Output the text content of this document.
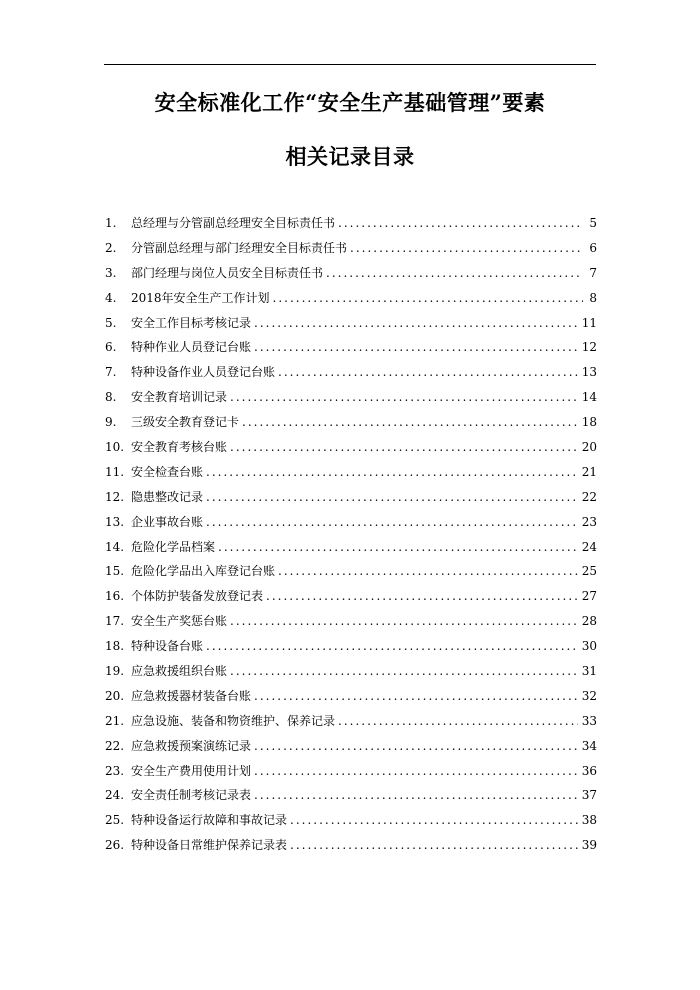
安全标准化工作“安全生产基础管理”要素
相关记录目录
1.	总经理与分管副总经理安全目标责任书 .....	5
2.	分管副总经理与部门经理安全目标责任书 .....	6
3.	部门经理与岗位人员安全目标责任书 .....	7
4.	2018年安全生产工作计划 .....	8
5.	安全工作目标考核记录 .....	11
6.	特种作业人员登记台账 .....	12
7.	特种设备作业人员登记台账 .....	13
8.	安全教育培训记录 .....	14
9.	三级安全教育登记卡 .....	18
10. 安全教育考核台账 .....	20
11. 安全检查台账 .....	21
12. 隐患整改记录 .....	22
13. 企业事故台账 .....	23
14. 危险化学品档案 .....	24
15. 危险化学品出入库登记台账 .....	25
16. 个体防护装备发放登记表 .....	27
17. 安全生产奖惩台账 .....	28
18. 特种设备台账 .....	30
19. 应急救援组织台账 .....	31
20. 应急救援器材装备台账 .....	32
21. 应急设施、装备和物资维护、保养记录 .....	33
22. 应急救援预案演练记录 .....	34
23. 安全生产费用使用计划 .....	36
24. 安全责任制考核记录表 .....	37
25. 特种设备运行故障和事故记录 .....	38
26. 特种设备日常维护保养记录表 .....	39
